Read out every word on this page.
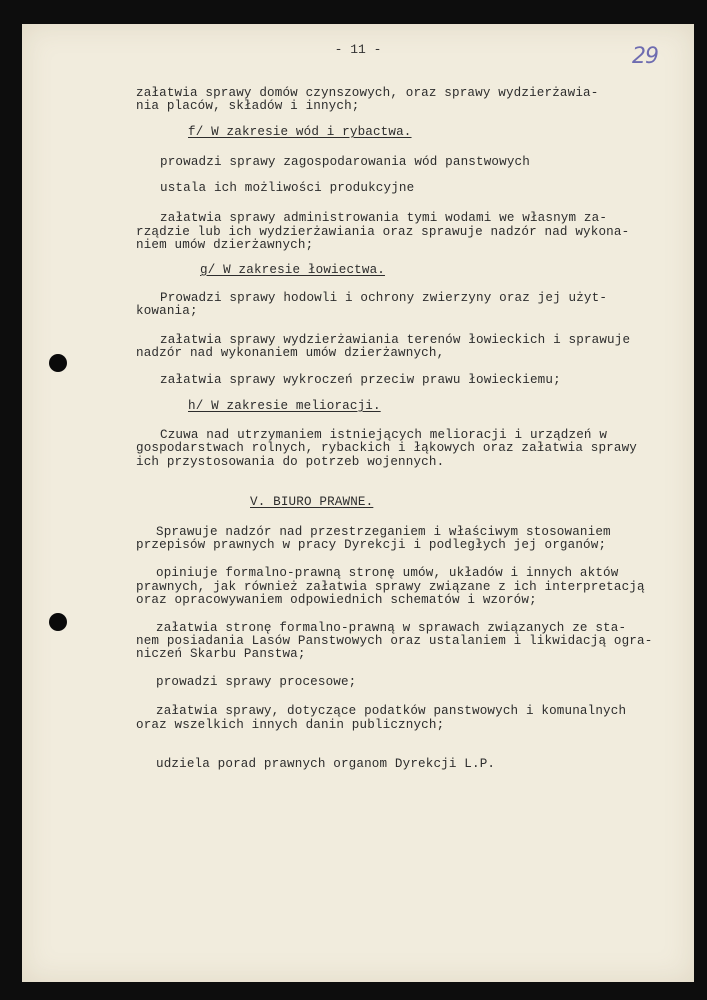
- 11 -	29
załatwia sprawy domów czynszowych, oraz sprawy wydzierżawia-
nia placów, składów i innych;
f/ W zakresie wód i rybactwa.
prowadzi sprawy zagospodarowania wód panstwowych
ustala ich możliwości produkcyjne
załatwia sprawy administrowania tymi wodami we własnym za-
rządzie lub ich wydzierżawiania oraz sprawuje nadzór nad wykona-
niem umów dzierżawnych;
g/ W zakresie łowiectwa.
Prowadzi sprawy hodowli i ochrony zwierzyny oraz jej użyt-
kowania;
załatwia sprawy wydzierżawiania terenów łowieckich i sprawuje
nadzór nad wykonaniem umów dzierżawnych,
załatwia sprawy wykroczeń przeciw prawu łowieckiemu;
h/ W zakresie melioracji.
Czuwa nad utrzymaniem istniejących melioracji i urządzeń w
gospodarstwach rolnych, rybackich i łąkowych oraz załatwia sprawy
ich przystosowania do potrzeb wojennych.
V. BIURO PRAWNE.
Sprawuje nadzór nad przestrzeganiem i właściwym stosowaniem
przepisów prawnych w pracy Dyrekcji i podległych jej organów;
opiniuje formalno-prawną stronę umów, układów i innych aktów
prawnych, jak również załatwia sprawy związane z ich interpretacją
oraz opracowywaniem odpowiednich schematów i wzorów;
załatwia stronę formalno-prawną w sprawach związanych ze sta-
nem posiadania Lasów Panstwowych oraz ustalaniem i likwidacją ogra-
niczeń Skarbu Panstwa;
prowadzi sprawy procesowe;
załatwia sprawy, dotyczące podatków panstwowych i komunalnych
oraz wszelkich innych danin publicznych;
udziela porad prawnych organom Dyrekcji L.P.
